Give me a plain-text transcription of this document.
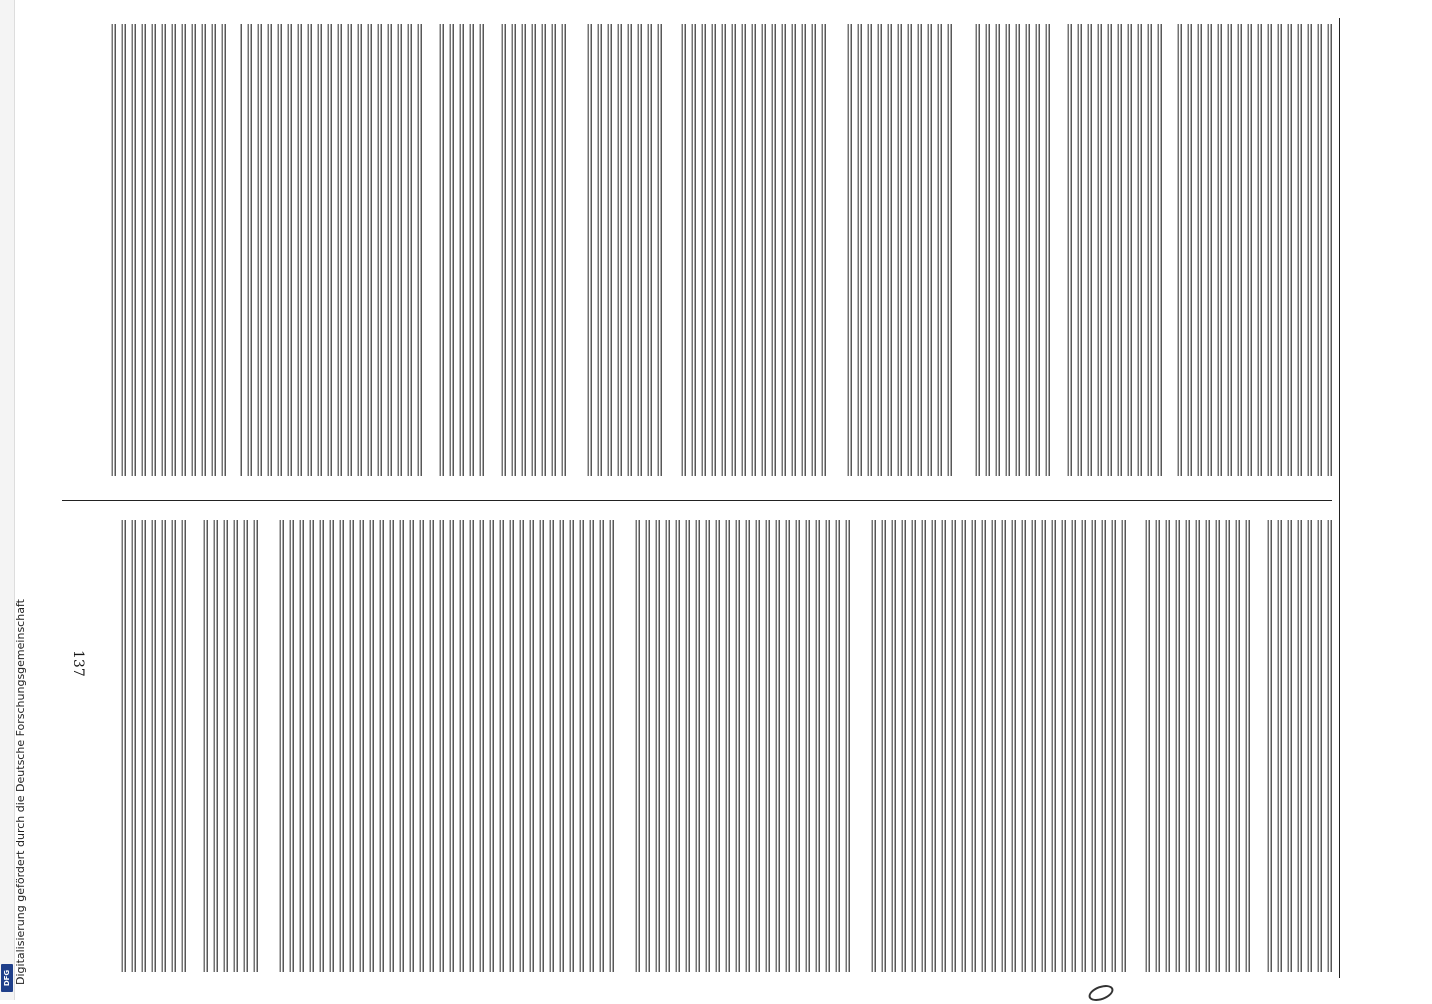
Digitalisierung gefördert durch die Deutsche Forschungsgemeinschaft
DFG
137
